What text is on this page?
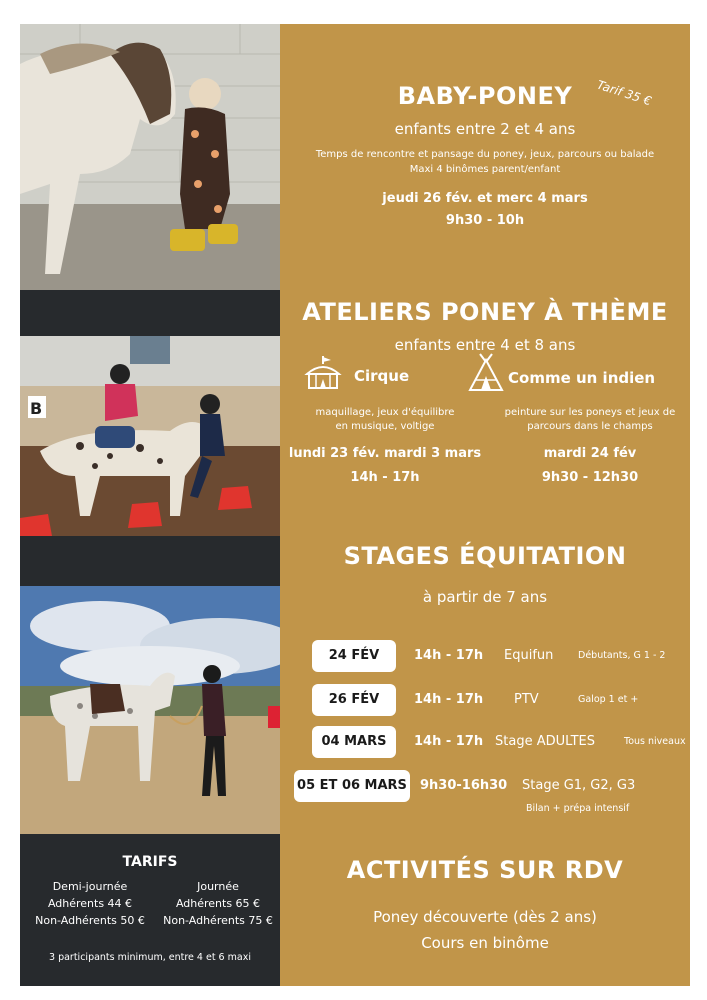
B
TARIFS
Demi-journée
Adhérents 44 €
Non-Adhérents 50 €
Journée
Adhérents 65 €
Non-Adhérents 75 €
3 participants minimum, entre 4 et 6 maxi
BABY-PONEY	Tarif 35 €
enfants entre 2 et 4 ans
Temps de rencontre et pansage du poney, jeux, parcours ou balade
Maxi 4 binômes parent/enfant
jeudi 26 fév. et merc 4 mars
9h30 - 10h
ATELIERS PONEY À THÈME
enfants entre 4 et 8 ans
Cirque	Comme un indien
maquillage, jeux d'équilibre
en musique, voltige
peinture sur les poneys et jeux de
parcours dans le champs
lundi 23 fév. mardi 3 mars
14h - 17h
mardi 24 fév
9h30 - 12h30
STAGES ÉQUITATION
à partir de 7 ans
24 FÉV	14h - 17h Equifun	Débutants, G 1 - 2
26 FÉV	14h - 17h PTV	Galop 1 et +
04 MARS	14h - 17h Stage ADULTES	Tous niveaux
05 ET 06 MARS 9h30-16h30 Stage G1, G2, G3
Bilan + prépa intensif
ACTIVITÉS SUR RDV
Poney découverte (dès 2 ans)
Cours en binôme
